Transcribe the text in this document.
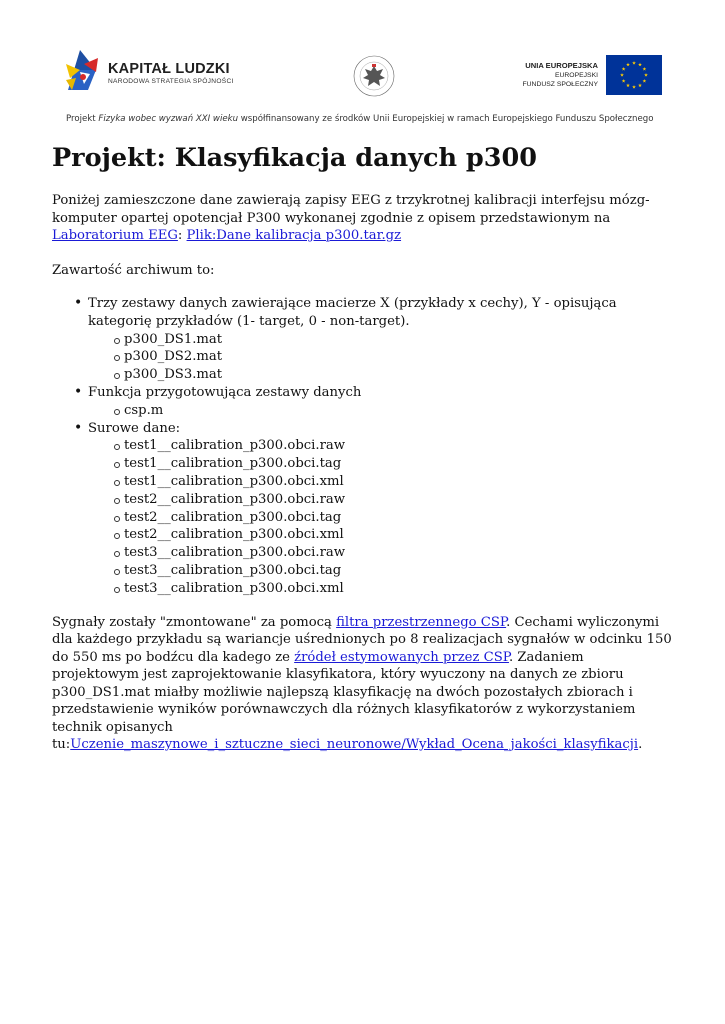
KAPITAŁ LUDZKI
NARODOWA STRATEGIA SPÓJNOŚCI
UNIA EUROPEJSKA
EUROPEJSKI
FUNDUSZ SPOŁECZNY
Projekt Fizyka wobec wyzwań XXI wieku współfinansowany ze środków Unii Europejskiej w ramach Europejskiego Funduszu Społecznego
Projekt: Klasyfikacja danych p300

Poniżej zamieszczone dane zawierają zapisy EEG z trzykrotnej kalibracji interfejsu mózg-komputer opartej opotencjał P300 wykonanej zgodnie z opisem przedstawionym na Laboratorium EEG: Plik:Dane kalibracja p300.tar.gz

Zawartość archiwum to:

• Trzy zestawy danych zawierające macierze X (przykłady x cechy), Y - opisująca kategorię przykładów (1- target, 0 - non-target).
p300_DS1.mat
p300_DS2.mat
p300_DS3.mat
• Funkcja przygotowująca zestawy danych
csp.m
• Surowe dane:
test1__calibration_p300.obci.raw
test1__calibration_p300.obci.tag
test1__calibration_p300.obci.xml
test2__calibration_p300.obci.raw
test2__calibration_p300.obci.tag
test2__calibration_p300.obci.xml
test3__calibration_p300.obci.raw
test3__calibration_p300.obci.tag
test3__calibration_p300.obci.xml

Sygnały zostały "zmontowane" za pomocą filtra przestrzennego CSP. Cechami wyliczonymi dla każdego przykładu są wariancje uśrednionych po 8 realizacjach sygnałów w odcinku 150 do 550 ms po bodźcu dla kadego ze źródeł estymowanych przez CSP. Zadaniem projektowym jest zaprojektowanie klasyfikatora, który wyuczony na danych ze zbioru p300_DS1.mat miałby możliwie najlepszą klasyfikację na dwóch pozostałych zbiorach i przedstawienie wyników porównawczych dla różnych klasyfikatorów z wykorzystaniem technik opisanych tu:Uczenie_maszynowe_i_sztuczne_sieci_neuronowe/Wykład_Ocena_jakości_klasyfikacji.
